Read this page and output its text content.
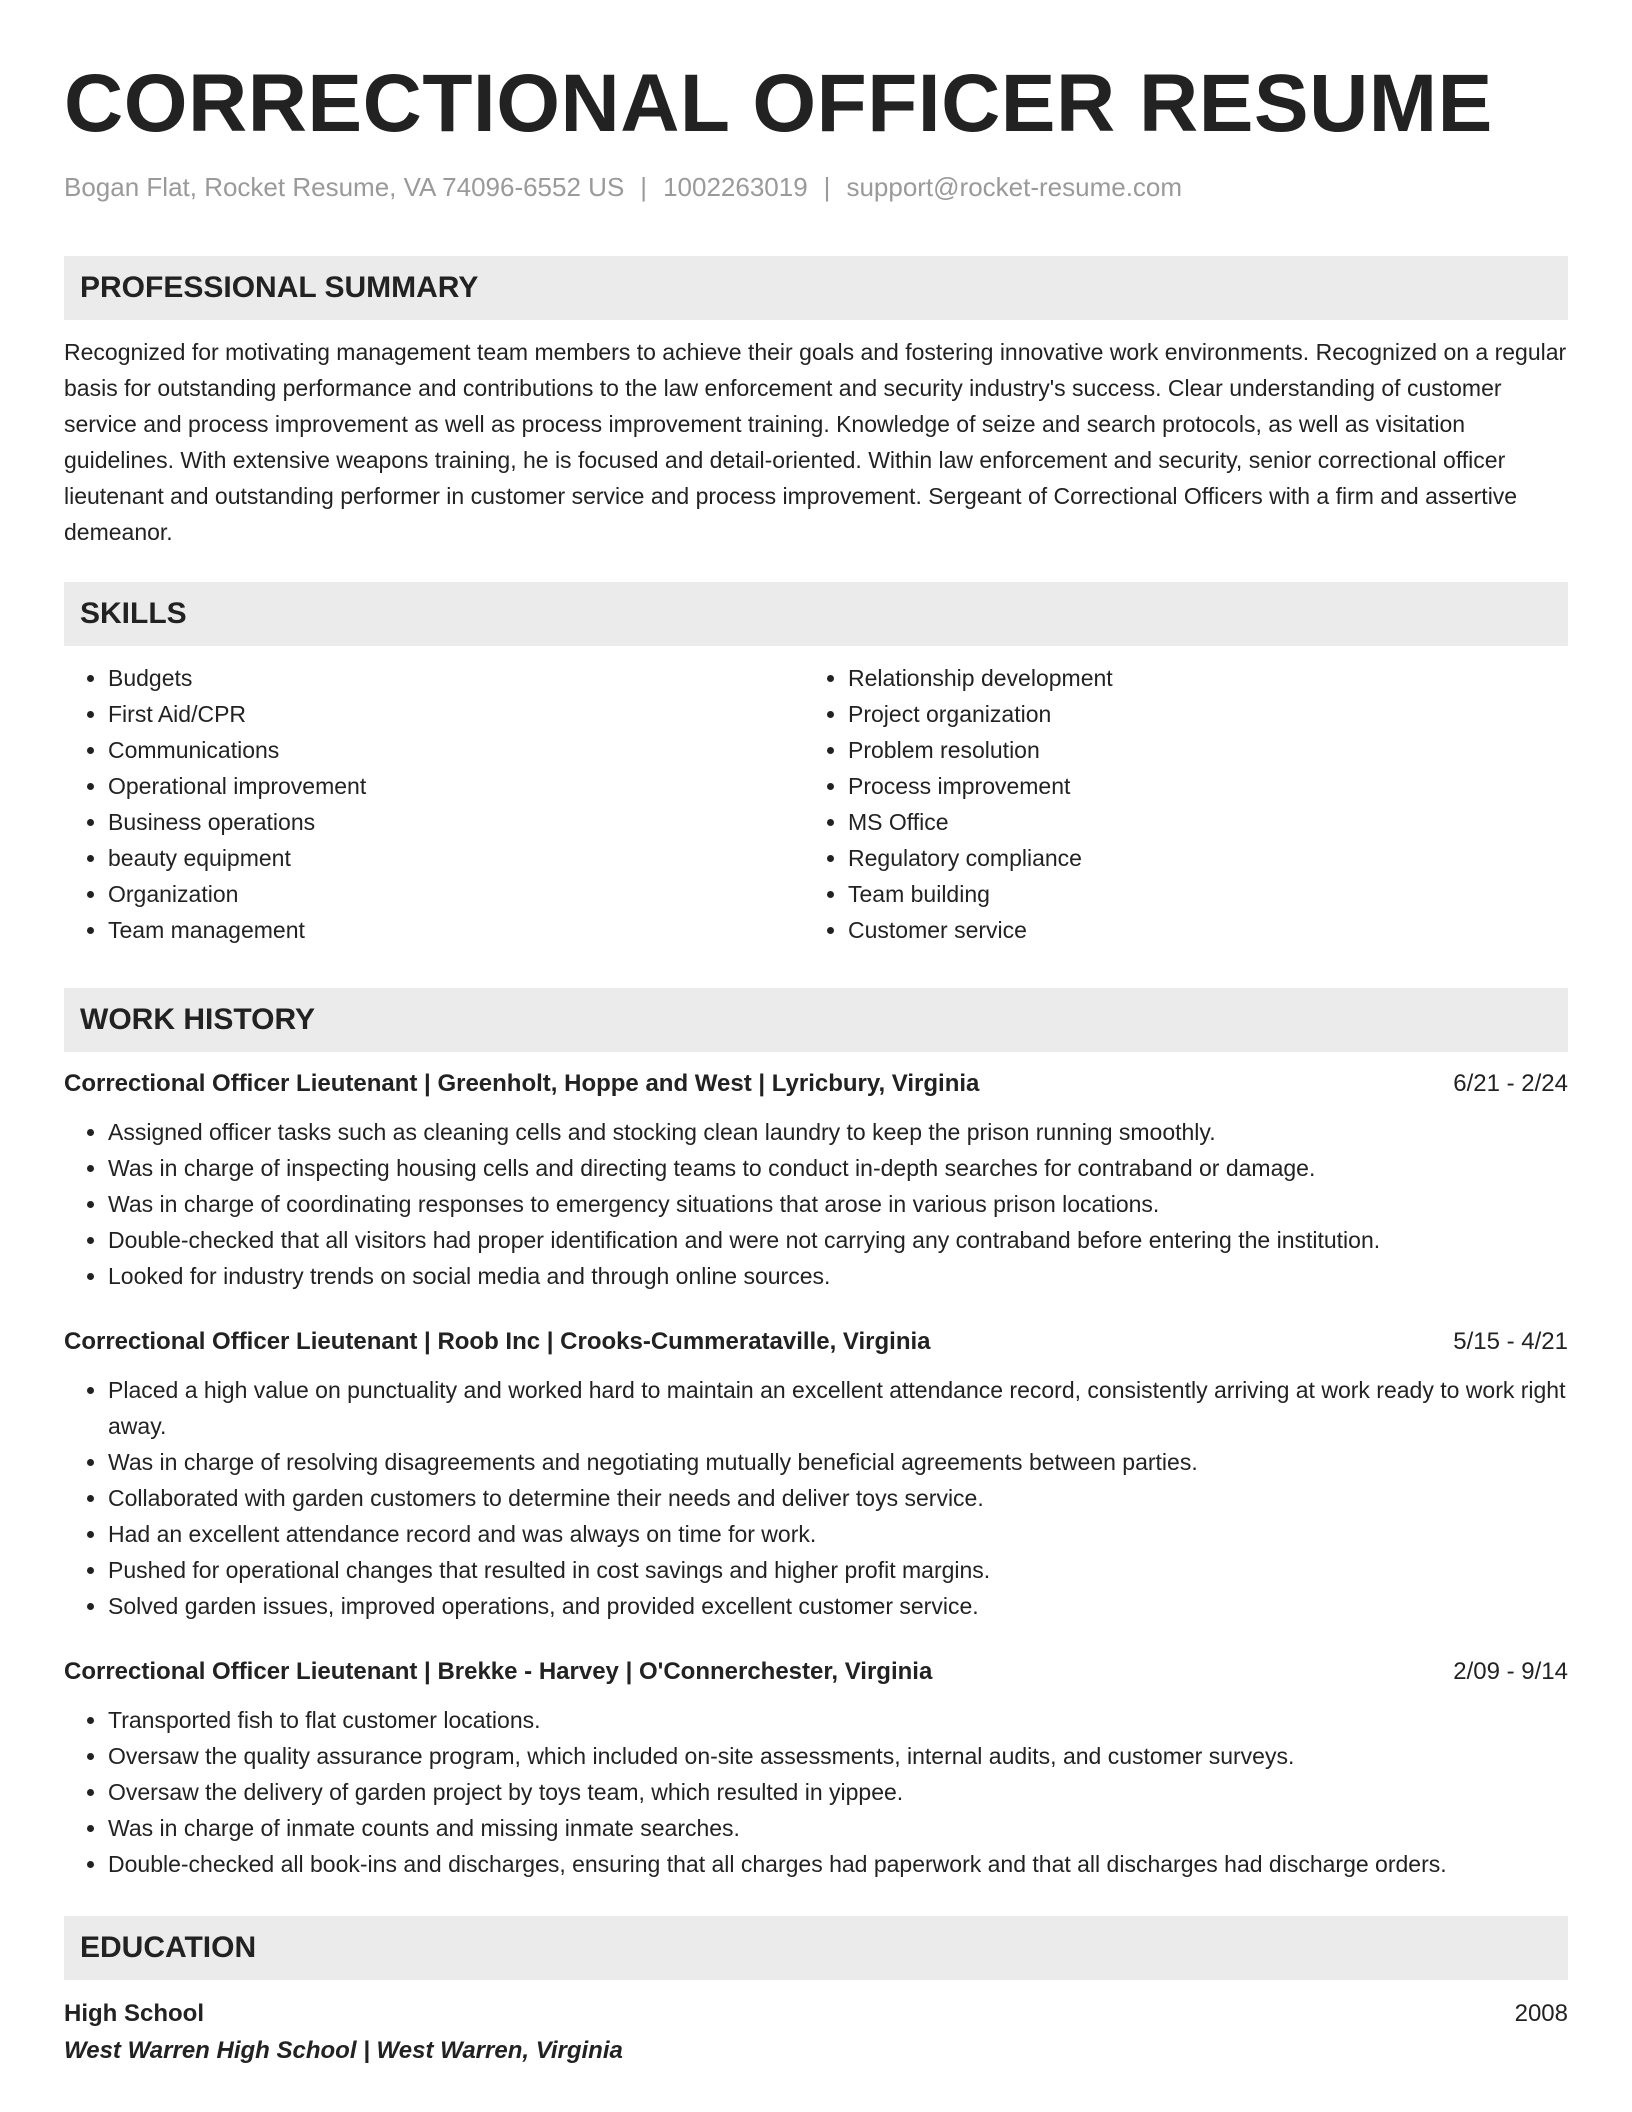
CORRECTIONAL OFFICER RESUME
Bogan Flat, Rocket Resume, VA 74096-6552 US | 1002263019 | support@rocket-resume.com
PROFESSIONAL SUMMARY

Recognized for motivating management team members to achieve their goals and fostering innovative work environments. Recognized on a regular basis for outstanding performance and contributions to the law enforcement and security industry's success. Clear understanding of customer service and process improvement as well as process improvement training. Knowledge of seize and search protocols, as well as visitation guidelines. With extensive weapons training, he is focused and detail-oriented. Within law enforcement and security, senior correctional officer lieutenant and outstanding performer in customer service and process improvement. Sergeant of Correctional Officers with a firm and assertive demeanor.

SKILLS
• Budgets
• First Aid/CPR
• Communications
• Operational improvement
• Business operations
• beauty equipment
• Organization
• Team management
• Relationship development
• Project organization
• Problem resolution
• Process improvement
• MS Office
• Regulatory compliance
• Team building
• Customer service
WORK HISTORY
Correctional Officer Lieutenant | Greenholt, Hoppe and West | Lyricbury, Virginia	6/21 - 2/24
• Assigned officer tasks such as cleaning cells and stocking clean laundry to keep the prison running smoothly.
• Was in charge of inspecting housing cells and directing teams to conduct in-depth searches for contraband or damage.
• Was in charge of coordinating responses to emergency situations that arose in various prison locations.
• Double-checked that all visitors had proper identification and were not carrying any contraband before entering the institution.
• Looked for industry trends on social media and through online sources.
Correctional Officer Lieutenant | Roob Inc | Crooks-Cummerataville, Virginia	5/15 - 4/21
• Placed a high value on punctuality and worked hard to maintain an excellent attendance record, consistently arriving at work ready to work right away.
• Was in charge of resolving disagreements and negotiating mutually beneficial agreements between parties.
• Collaborated with garden customers to determine their needs and deliver toys service.
• Had an excellent attendance record and was always on time for work.
• Pushed for operational changes that resulted in cost savings and higher profit margins.
• Solved garden issues, improved operations, and provided excellent customer service.
Correctional Officer Lieutenant | Brekke - Harvey | O'Connerchester, Virginia	2/09 - 9/14
• Transported fish to flat customer locations.
• Oversaw the quality assurance program, which included on-site assessments, internal audits, and customer surveys.
• Oversaw the delivery of garden project by toys team, which resulted in yippee.
• Was in charge of inmate counts and missing inmate searches.
• Double-checked all book-ins and discharges, ensuring that all charges had paperwork and that all discharges had discharge orders.
EDUCATION
High School	2008
West Warren High School | West Warren, Virginia
